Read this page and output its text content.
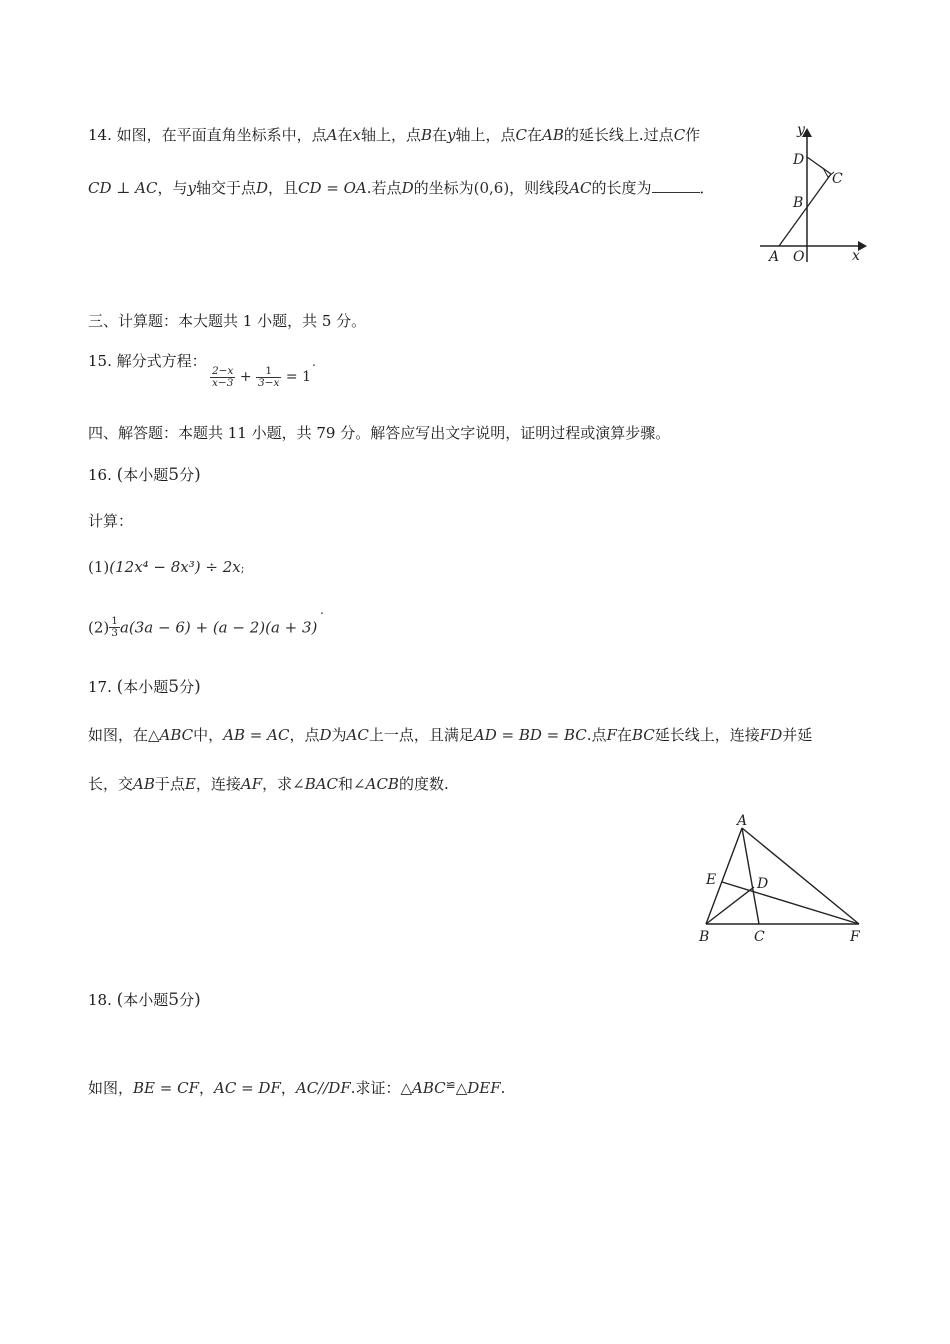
14. 如图，在平面直角坐标系中，点A在x轴上，点B在y轴上，点C在AB的延长线上.过点C作
CD ⊥ AC，与y轴交于点D，且CD = OA.若点D的坐标为(0,6)，则线段AC的长度为	．
y
D
C
B
A O	x
三、计算题：本大题共 1 小题，共 5 分。
15. 解分式方程：
$\frac{2-x}{x-3} + \frac{1}{3-x} = 1$
.
四、解答题：本题共 11 小题，共 79 分。解答应写出文字说明，证明过程或演算步骤。
16. (本小题5分)
计算：
(1)(12x⁴ − 8x³) ÷ 2x;
$(2) \frac{1}{3} a(3a - 6) + (a - 2)(a + 3)$
.
17. (本小题5分)
如图，在△ABC中，AB = AC，点D为AC上一点，且满足AD = BD = BC.点F在BC延长线上，连接FD并延
长，交AB于点E，连接AF，求∠BAC和∠ACB的度数.
A
E	D
B	C	F
18. (本小题5分)
如图，BE = CF，AC = DF，AC//DF.求证：△ABC≌△DEF.
